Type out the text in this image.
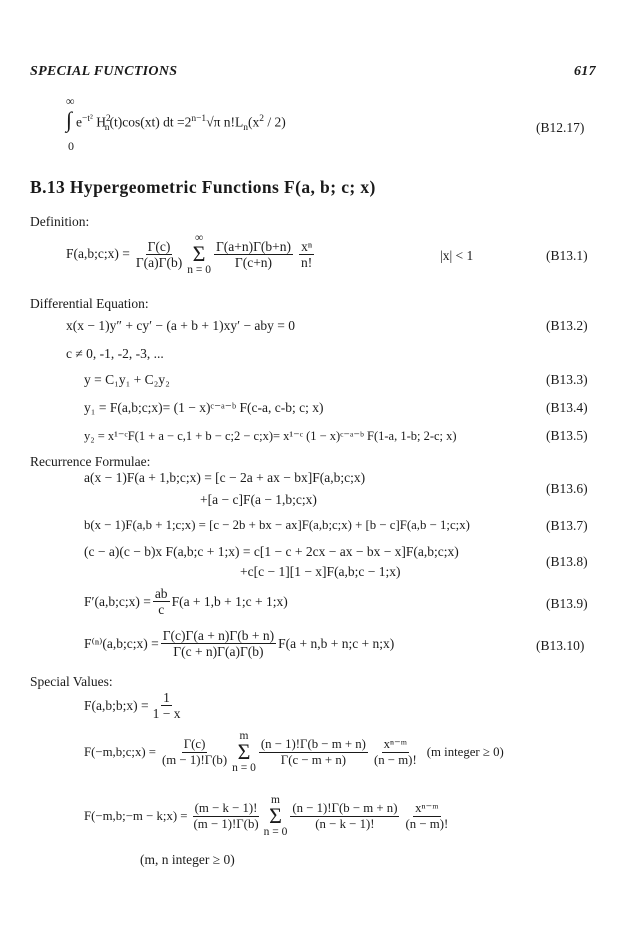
SPECIAL FUNCTIONS	617
∞
∫ $e^{-t^2}$ $H^2_n(t)\cos(xt)$ dt $=2^{n-1}√\pi$ $n!L_n(x^2 / 2)$
0
(B12.17)
B.13 Hypergeometric Functions F(a, b; c; x)
Definition:
F(a,b;c;x) = $\frac{\Gamma(c)}{\Gamma(a)\Gamma(b)}$
∞
Σ
n = 0
$\frac{\Gamma(a+n)\Gamma(b+n)}{\Gamma(c+n)} \frac{\text{xⁿ}}{n!}$	|x| < 1	(B13.1)
Differential Equation:
x(x − 1)y″ + cy′ − (a + b + 1)xy′ − aby = 0	(B13.2)
c ≠ 0, -1, -2, -3, ...
y = C₁y₁ + C₂y₂	(B13.3)
y₁ = F(a,b;c;x)= (1 − x)ᶜ⁻ᵃ⁻ᵇ F(c-a, c-b; c; x)	(B13.4)
y₂ = x¹⁻ᶜF(1 + a − c,1 + b − c;2 − c;x)= x¹⁻ᶜ (1 − x)ᶜ⁻ᵃ⁻ᵇ F(1-a, 1-b; 2-c; x)	(B13.5)
Recurrence Formulae:
a(x − 1)F(a + 1,b;c;x) = [c − 2a + ax − bx]F(a,b;c;x)
+[a − c]F(a − 1,b;c;x)
(B13.6)
b(x − 1)F(a,b + 1;c;x) = [c − 2b + bx − ax]F(a,b;c;x) + [b − c]F(a,b − 1;c;x)	(B13.7)
(c − a)(c − b)x F(a,b;c + 1;x) = c[1 − c + 2cx − ax − bx − x]F(a,b;c;x)
+c[c − 1][1 − x]F(a,b;c − 1;x)
(B13.8)
F′(a,b;c;x) = $\frac{ab}{c} F(a + 1,b$ + 1;c + 1;x)	(B13.9)
F⁽ⁿ⁾(a,b;c;x) = $\frac{\Gamma(c)\Gamma(a + n)\Gamma(b + n)}{\Gamma(c + n)\Gamma(a)\Gamma(b)} F(a + n,b$ + n;c + n;x)	(B13.10)
Special Values:
F(a,b;b;x) = $\frac{1}{1 - x}$
F(−m,b;c;x) = $\frac{\Gamma(c)}{(m - 1)!\Gamma(b)}$
m
Σ
n = 0
$\frac{(n - 1)!\Gamma(b - m + n)}{\Gamma(c - m + n)} \frac{\text{xⁿ⁻ᵐ}}{(n - m)!} (m$ integer ≥ 0)
F(−m,b;−m − k;x) = $\frac{(m - k - 1)!}{(m - 1)!\Gamma(b)}$
m
Σ
n = 0
$\frac{(n - 1)!\Gamma(b - m + n)}{(n - k - 1)!} \frac{\text{xⁿ⁻ᵐ}}{(n - m)!}$
(m, n integer ≥ 0)
